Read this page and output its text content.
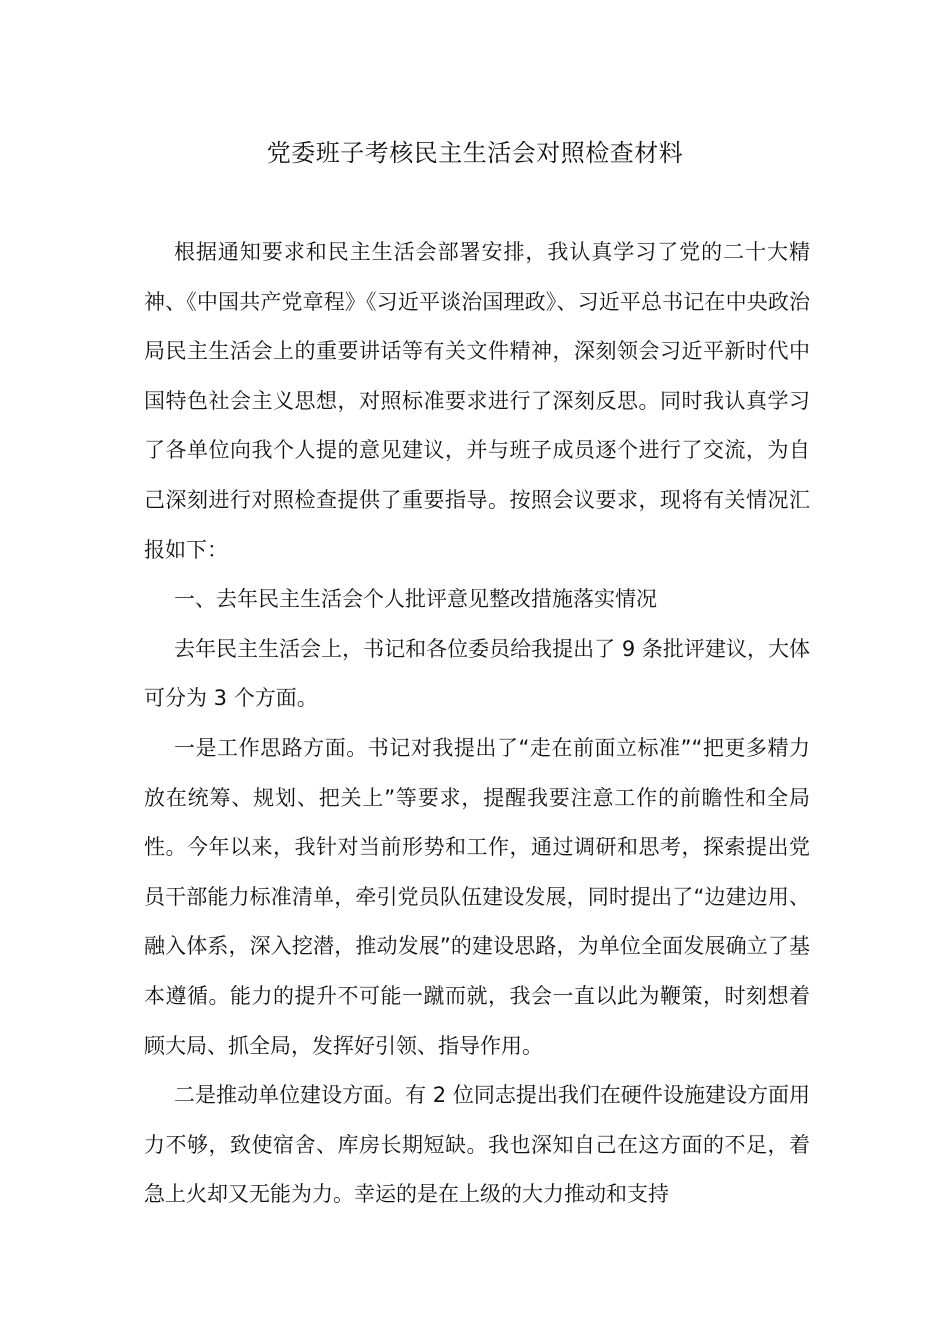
党委班子考核民主生活会对照检查材料

根据通知要求和民主生活会部署安排，我认真学习了党的二十大精神、《中国共产党章程》《习近平谈治国理政》、习近平总书记在中央政治局民主生活会上的重要讲话等有关文件精神，深刻领会习近平新时代中国特色社会主义思想，对照标准要求进行了深刻反思。同时我认真学习了各单位向我个人提的意见建议，并与班子成员逐个进行了交流，为自己深刻进行对照检查提供了重要指导。按照会议要求，现将有关情况汇报如下：

一、去年民主生活会个人批评意见整改措施落实情况

去年民主生活会上，书记和各位委员给我提出了 9 条批评建议，大体可分为 3 个方面。

一是工作思路方面。书记对我提出了“走在前面立标准”“把更多精力放在统筹、规划、把关上”等要求，提醒我要注意工作的前瞻性和全局性。今年以来，我针对当前形势和工作，通过调研和思考，探索提出党员干部能力标准清单，牵引党员队伍建设发展，同时提出了“边建边用、融入体系，深入挖潜，推动发展”的建设思路，为单位全面发展确立了基本遵循。能力的提升不可能一蹴而就，我会一直以此为鞭策，时刻想着顾大局、抓全局，发挥好引领、指导作用。

二是推动单位建设方面。有 2 位同志提出我们在硬件设施建设方面用力不够，致使宿舍、库房长期短缺。我也深知自己在这方面的不足，着急上火却又无能为力。幸运的是在上级的大力推动和支持
